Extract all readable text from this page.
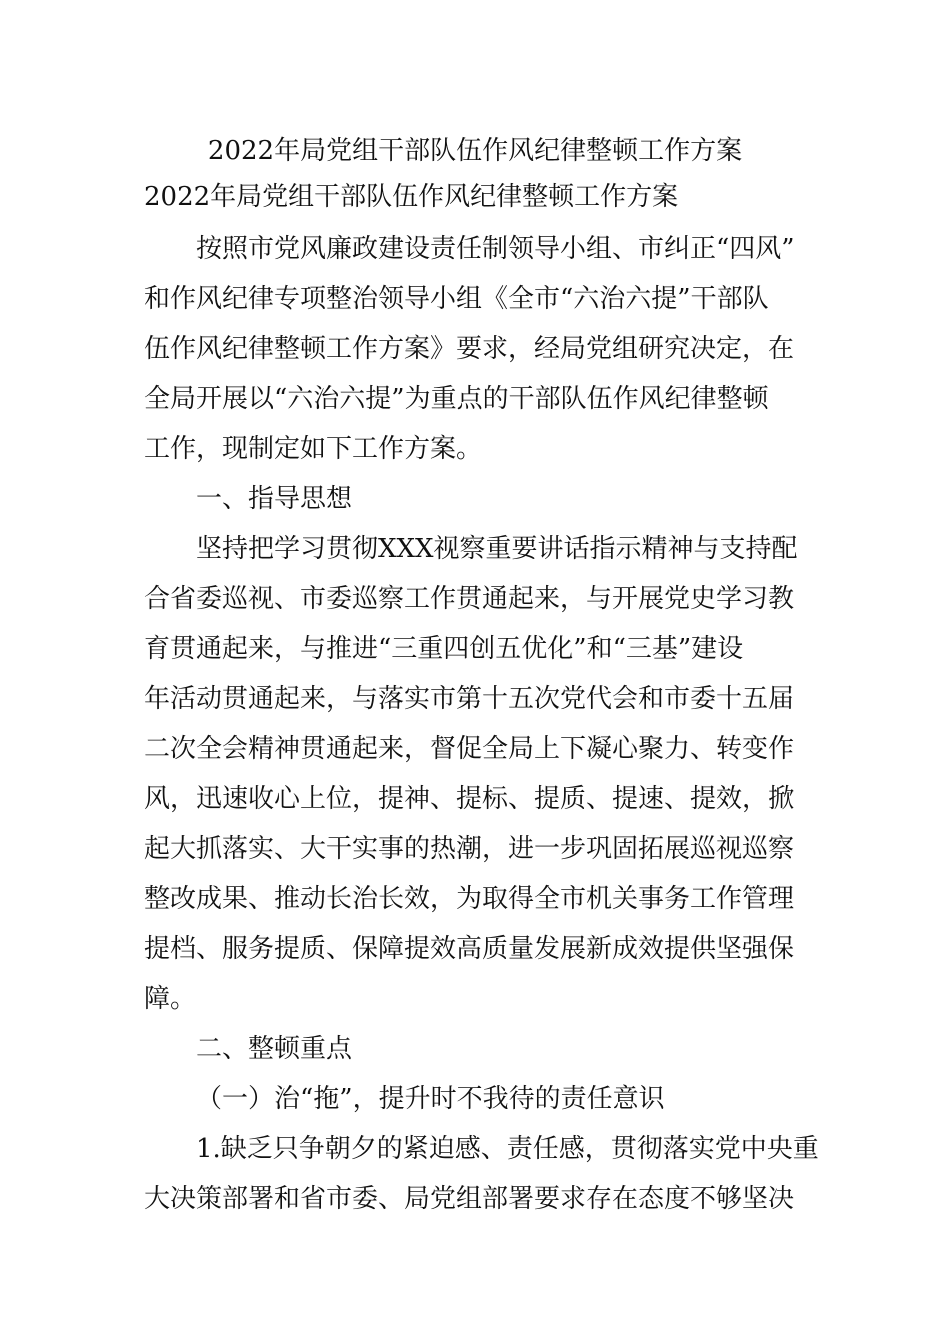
2022年局党组干部队伍作风纪律整顿工作方案
2022年局党组干部队伍作风纪律整顿工作方案

按照市党风廉政建设责任制领导小组、市纠正“四风”
和作风纪律专项整治领导小组《全市“六治六提”干部队
伍作风纪律整顿工作方案》要求，经局党组研究决定，在
全局开展以“六治六提”为重点的干部队伍作风纪律整顿
工作，现制定如下工作方案。

一、指导思想

坚持把学习贯彻XXX视察重要讲话指示精神与支持配
合省委巡视、市委巡察工作贯通起来，与开展党史学习教
育贯通起来，与推进“三重四创五优化”和“三基”建设
年活动贯通起来，与落实市第十五次党代会和市委十五届
二次全会精神贯通起来，督促全局上下凝心聚力、转变作
风，迅速收心上位，提神、提标、提质、提速、提效，掀
起大抓落实、大干实事的热潮，进一步巩固拓展巡视巡察
整改成果、推动长治长效，为取得全市机关事务工作管理
提档、服务提质、保障提效高质量发展新成效提供坚强保
障。

二、整顿重点

（一）治“拖”，提升时不我待的责任意识

1.缺乏只争朝夕的紧迫感、责任感，贯彻落实党中央重
大决策部署和省市委、局党组部署要求存在态度不够坚决
